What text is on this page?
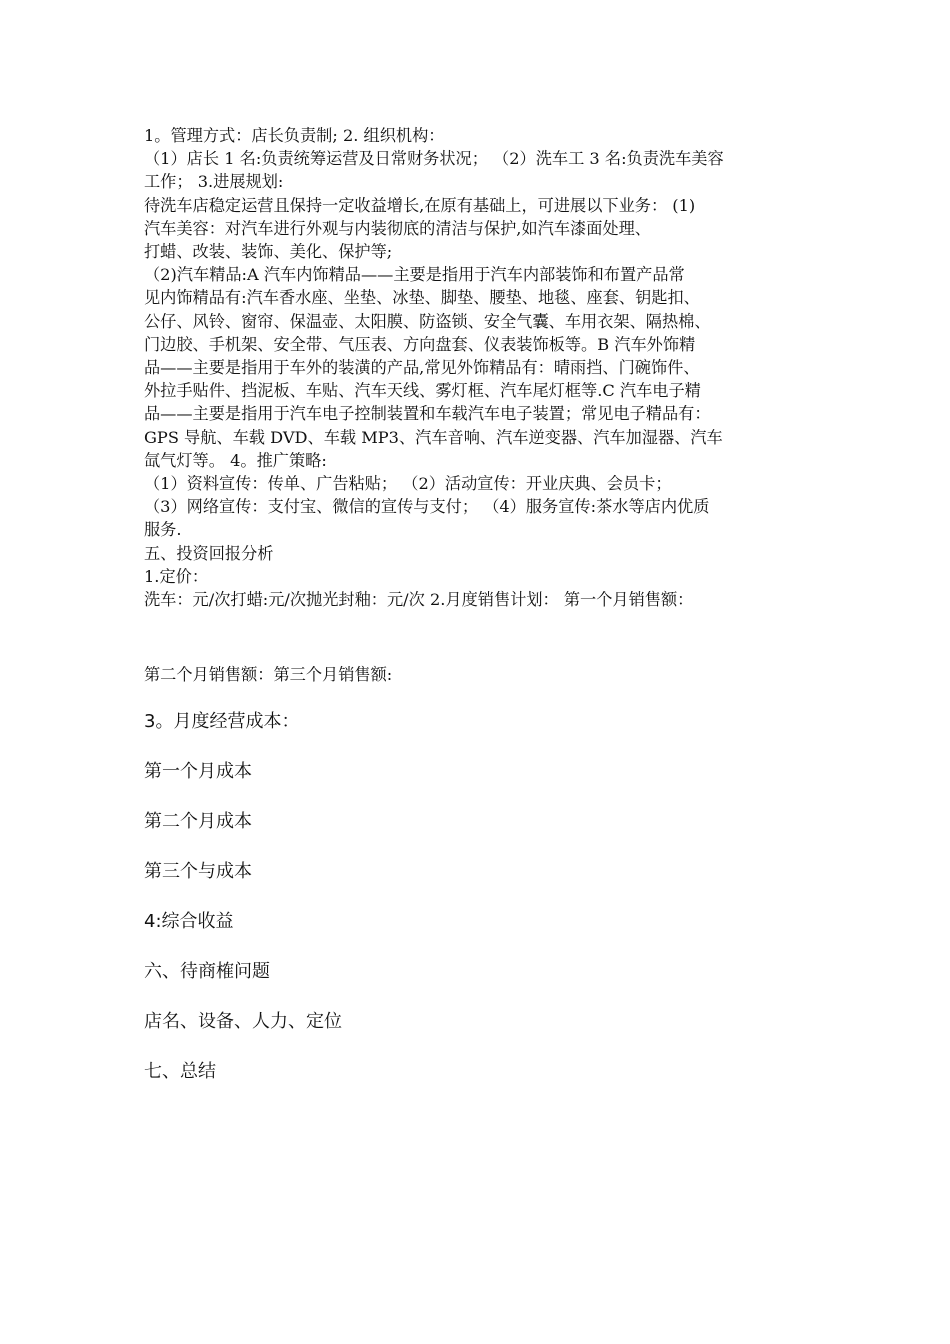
1。管理方式：店长负责制; 2. 组织机构：

（1）店长 1 名:负责统筹运营及日常财务状况； （2）洗车工 3 名:负责洗车美容

工作； 3.进展规划:

待洗车店稳定运营且保持一定收益增长,在原有基础上，可进展以下业务： (1)

汽车美容：对汽车进行外观与内装彻底的清洁与保护,如汽车漆面处理、

打蜡、改装、装饰、美化、保护等;

（2)汽车精品:A 汽车内饰精品——主要是指用于汽车内部装饰和布置产品常

见内饰精品有:汽车香水座、坐垫、冰垫、脚垫、腰垫、地毯、座套、钥匙扣、

公仔、风铃、窗帘、保温壶、太阳膜、防盗锁、安全气囊、车用衣架、隔热棉、

门边胶、手机架、安全带、气压表、方向盘套、仪表装饰板等。B 汽车外饰精

品——主要是指用于车外的装潢的产品,常见外饰精品有：晴雨挡、门碗饰件、

外拉手贴件、挡泥板、车贴、汽车天线、雾灯框、汽车尾灯框等.C 汽车电子精

品——主要是指用于汽车电子控制装置和车载汽车电子装置；常见电子精品有：

GPS 导航、车载 DVD、车载 MP3、汽车音响、汽车逆变器、汽车加湿器、汽车

氙气灯等。 4。推广策略:

（1）资料宣传：传单、广告粘贴； （2）活动宣传：开业庆典、会员卡；

（3）网络宣传：支付宝、微信的宣传与支付； （4）服务宣传:茶水等店内优质

服务.

五、投资回报分析

1.定价：

洗车：元/次打蜡:元/次抛光封釉：元/次 2.月度销售计划： 第一个月销售额：

第二个月销售额：第三个月销售额:

3。月度经营成本：

第一个月成本

第二个月成本

第三个与成本

4:综合收益

六、待商榷问题

店名、设备、人力、定位

七、总结
